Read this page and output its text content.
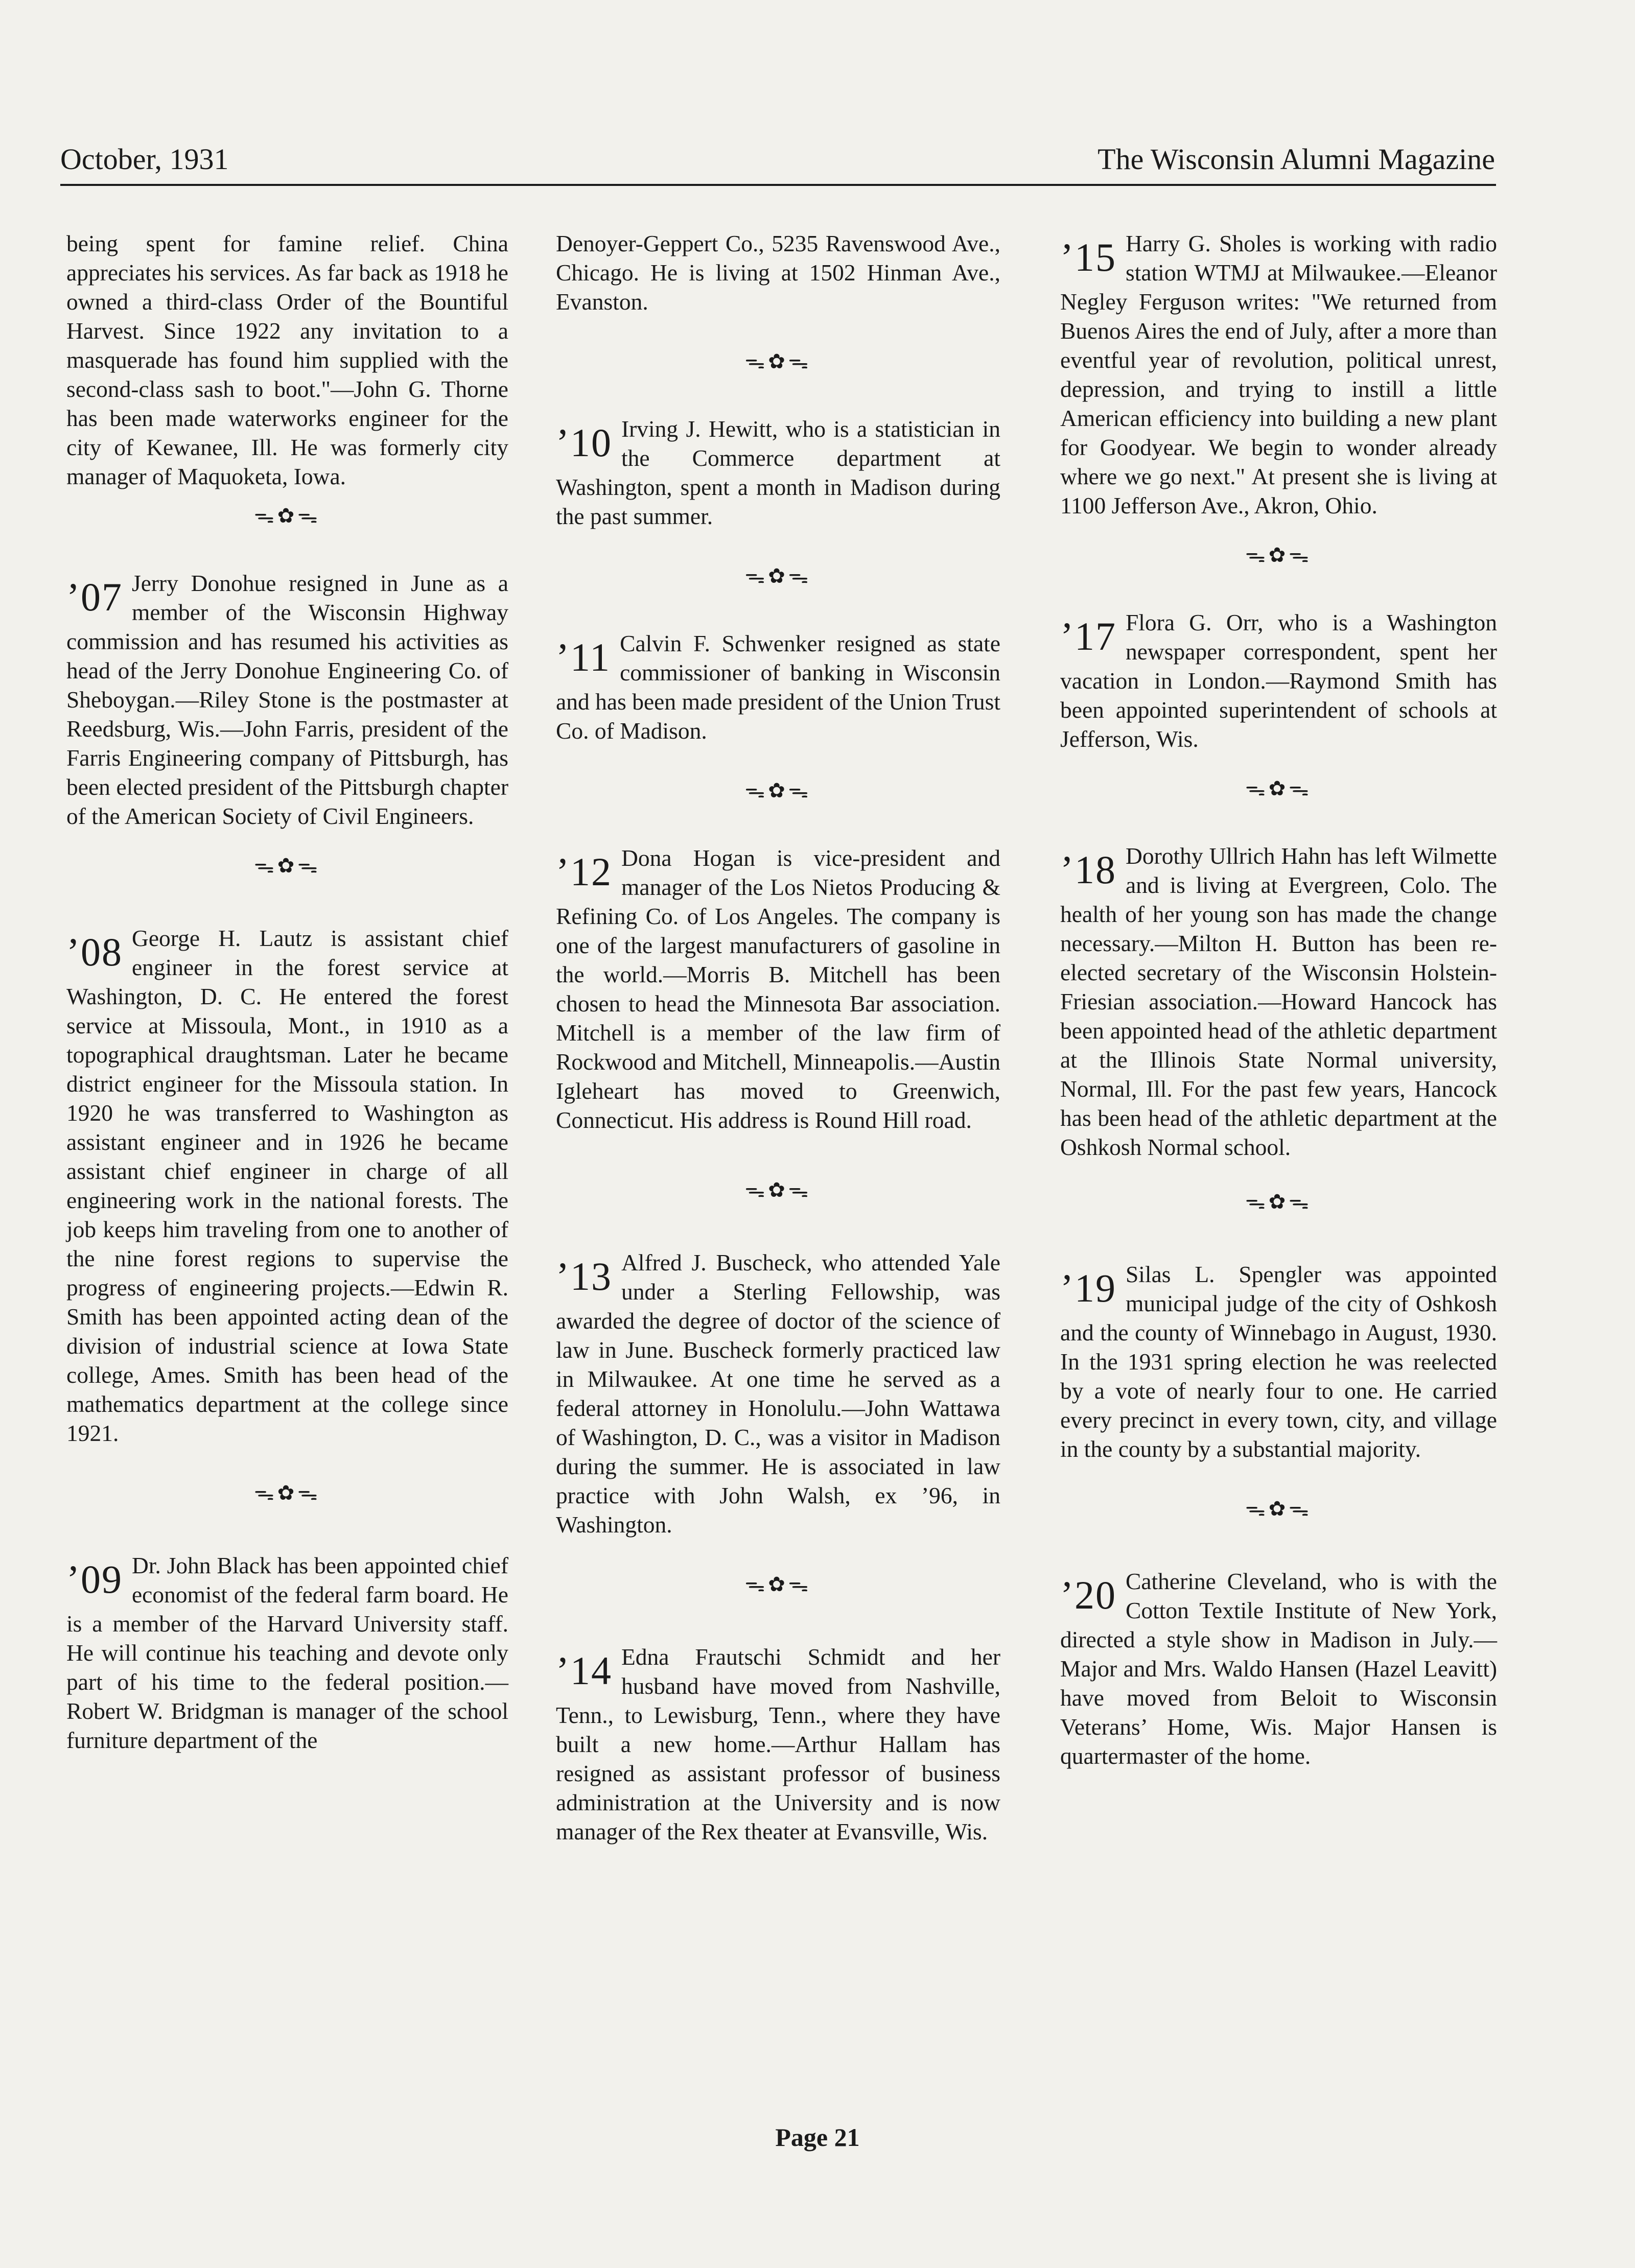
October, 1931	The Wisconsin Alumni Magazine

being spent for famine relief. China appreciates his services. As far back as 1918 he owned a third-class Order of the Bountiful Harvest. Since 1922 any invitation to a masquerade has found him supplied with the second-class sash to boot."—John G. Thorne has been made waterworks engineer for the city of Kewanee, Ill. He was formerly city manager of Maquoketa, Iowa.

ᯓ✿ᯓ
’07 Jerry Donohue resigned in June as a member of the Wisconsin Highway commission and has resumed his activities as head of the Jerry Donohue Engineering Co. of Sheboygan.—Riley Stone is the postmaster at Reedsburg, Wis.—John Farris, president of the Farris Engineering company of Pittsburgh, has been elected president of the Pittsburgh chapter of the American Society of Civil Engineers.

ᯓ✿ᯓ
’08 George H. Lautz is assistant chief engineer in the forest service at Washington, D. C. He entered the forest service at Missoula, Mont., in 1910 as a topographical draughtsman. Later he became district engineer for the Missoula station. In 1920 he was transferred to Washington as assistant engineer and in 1926 he became assistant chief engineer in charge of all engineering work in the national forests. The job keeps him traveling from one to another of the nine forest regions to supervise the progress of engineering projects.—Edwin R. Smith has been appointed acting dean of the division of industrial science at Iowa State college, Ames. Smith has been head of the mathematics department at the college since 1921.

ᯓ✿ᯓ
’09 Dr. John Black has been appointed chief economist of the federal farm board. He is a member of the Harvard University staff. He will continue his teaching and devote only part of his time to the federal position.—Robert W. Bridgman is manager of the school furniture department of the

Denoyer-Geppert Co., 5235 Ravenswood Ave., Chicago. He is living at 1502 Hinman Ave., Evanston.

ᯓ✿ᯓ
’10 Irving J. Hewitt, who is a statistician in the Commerce department at Washington, spent a month in Madison during the past summer.

ᯓ✿ᯓ
’11 Calvin F. Schwenker resigned as state commissioner of banking in Wisconsin and has been made president of the Union Trust Co. of Madison.

ᯓ✿ᯓ
’12 Dona Hogan is vice-president and manager of the Los Nietos Producing & Refining Co. of Los Angeles. The company is one of the largest manufacturers of gasoline in the world.—Morris B. Mitchell has been chosen to head the Minnesota Bar association. Mitchell is a member of the law firm of Rockwood and Mitchell, Minneapolis.—Austin Igleheart has moved to Greenwich, Connecticut. His address is Round Hill road.

ᯓ✿ᯓ
’13 Alfred J. Buscheck, who attended Yale under a Sterling Fellowship, was awarded the degree of doctor of the science of law in June. Buscheck formerly practiced law in Milwaukee. At one time he served as a federal attorney in Honolulu.—John Wattawa of Washington, D. C., was a visitor in Madison during the summer. He is associated in law practice with John Walsh, ex ’96, in Washington.

ᯓ✿ᯓ
’14 Edna Frautschi Schmidt and her husband have moved from Nashville, Tenn., to Lewisburg, Tenn., where they have built a new home.—Arthur Hallam has resigned as assistant professor of business administration at the University and is now manager of the Rex theater at Evansville, Wis.

’15 Harry G. Sholes is working with radio station WTMJ at Milwaukee.—Eleanor Negley Ferguson writes: "We returned from Buenos Aires the end of July, after a more than eventful year of revolution, political unrest, depression, and trying to instill a little American efficiency into building a new plant for Goodyear. We begin to wonder already where we go next." At present she is living at 1100 Jefferson Ave., Akron, Ohio.

ᯓ✿ᯓ
’17 Flora G. Orr, who is a Washington newspaper correspondent, spent her vacation in London.—Raymond Smith has been appointed superintendent of schools at Jefferson, Wis.

ᯓ✿ᯓ
’18 Dorothy Ullrich Hahn has left Wilmette and is living at Evergreen, Colo. The health of her young son has made the change necessary.—Milton H. Button has been re-elected secretary of the Wisconsin Holstein-Friesian association.—Howard Hancock has been appointed head of the athletic department at the Illinois State Normal university, Normal, Ill. For the past few years, Hancock has been head of the athletic department at the Oshkosh Normal school.

ᯓ✿ᯓ
’19 Silas L. Spengler was appointed municipal judge of the city of Oshkosh and the county of Winnebago in August, 1930. In the 1931 spring election he was reelected by a vote of nearly four to one. He carried every precinct in every town, city, and village in the county by a substantial majority.

ᯓ✿ᯓ
’20 Catherine Cleveland, who is with the Cotton Textile Institute of New York, directed a style show in Madison in July.—Major and Mrs. Waldo Hansen (Hazel Leavitt) have moved from Beloit to Wisconsin Veterans’ Home, Wis. Major Hansen is quartermaster of the home.

Page 21
